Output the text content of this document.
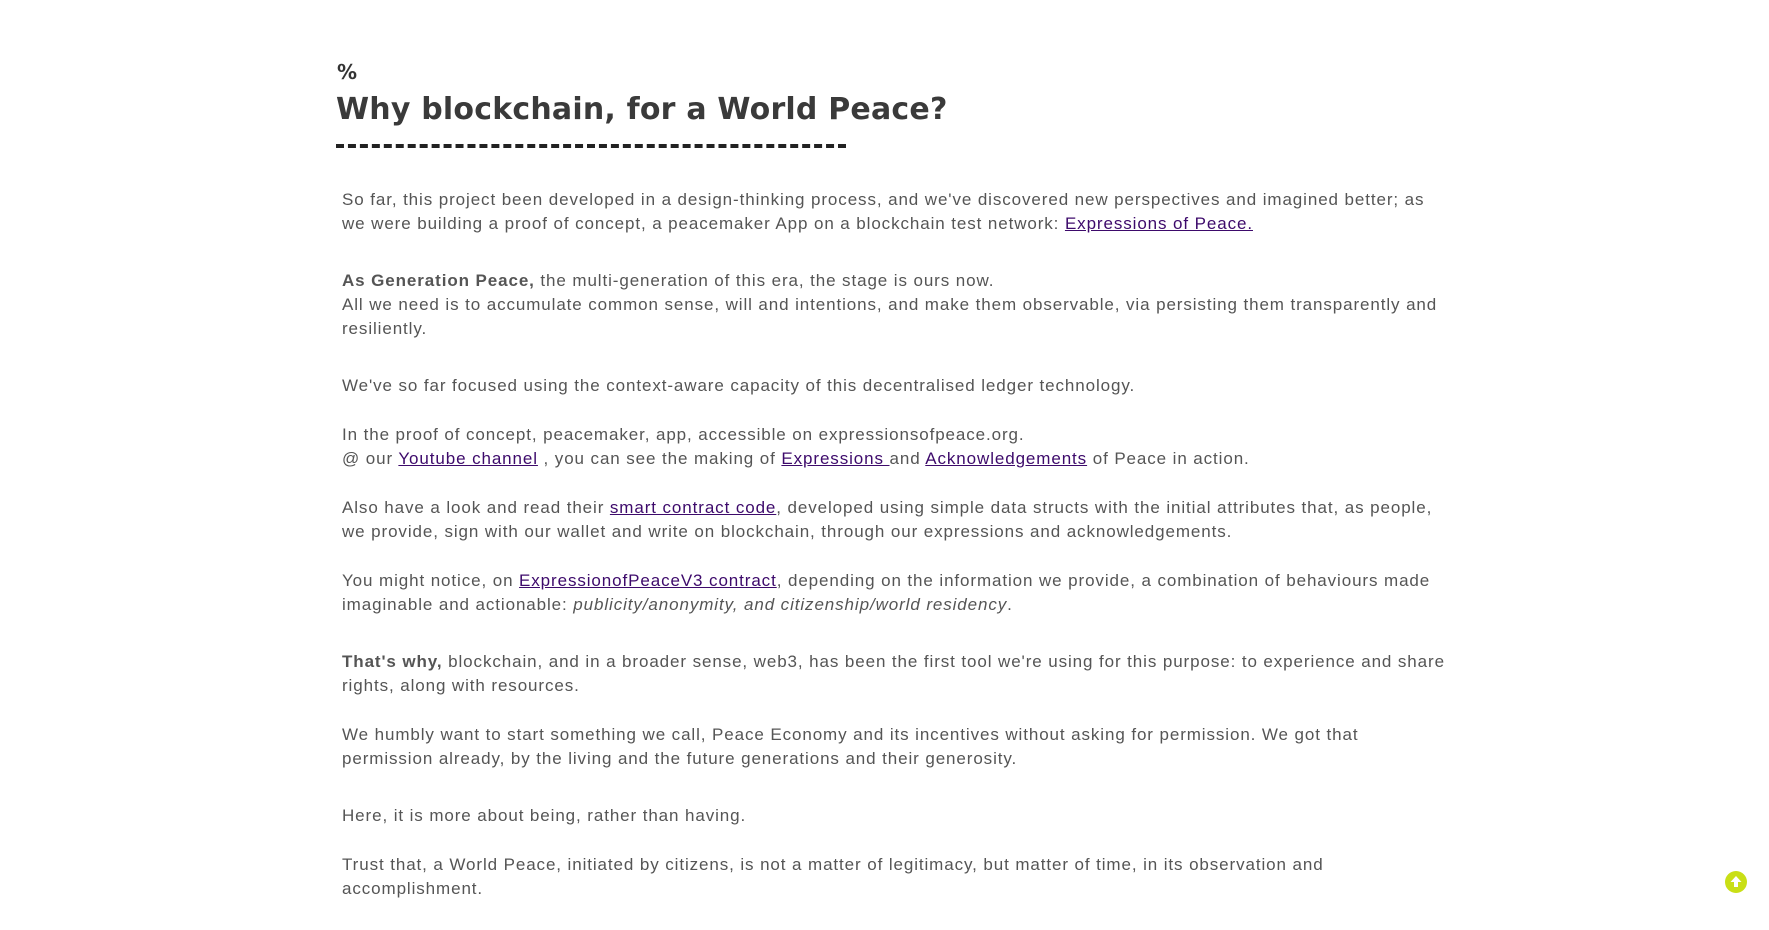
%
Why blockchain, for a World Peace?

So far, this project been developed in a design-thinking process, and we've discovered new perspectives and imagined better; as we were building a proof of concept, a peacemaker App on a blockchain test network: Expressions of Peace.

As Generation Peace, the multi-generation of this era, the stage is ours now.
All we need is to accumulate common sense, will and intentions, and make them observable, via persisting them transparently and resiliently.

We've so far focused using the context-aware capacity of this decentralised ledger technology.

In the proof of concept, peacemaker, app, accessible on expressionsofpeace.org.
@ our Youtube channel , you can see the making of Expressions and Acknowledgements of Peace in action.

Also have a look and read their smart contract code, developed using simple data structs with the initial attributes that, as people, we provide, sign with our wallet and write on blockchain, through our expressions and acknowledgements.

You might notice, on ExpressionofPeaceV3 contract, depending on the information we provide, a combination of behaviours made imaginable and actionable: publicity/anonymity, and citizenship/world residency.

That's why, blockchain, and in a broader sense, web3, has been the first tool we're using for this purpose: to experience and share rights, along with resources.

We humbly want to start something we call, Peace Economy and its incentives without asking for permission. We got that permission already, by the living and the future generations and their generosity.

Here, it is more about being, rather than having.

Trust that, a World Peace, initiated by citizens, is not a matter of legitimacy, but matter of time, in its observation and accomplishment.
